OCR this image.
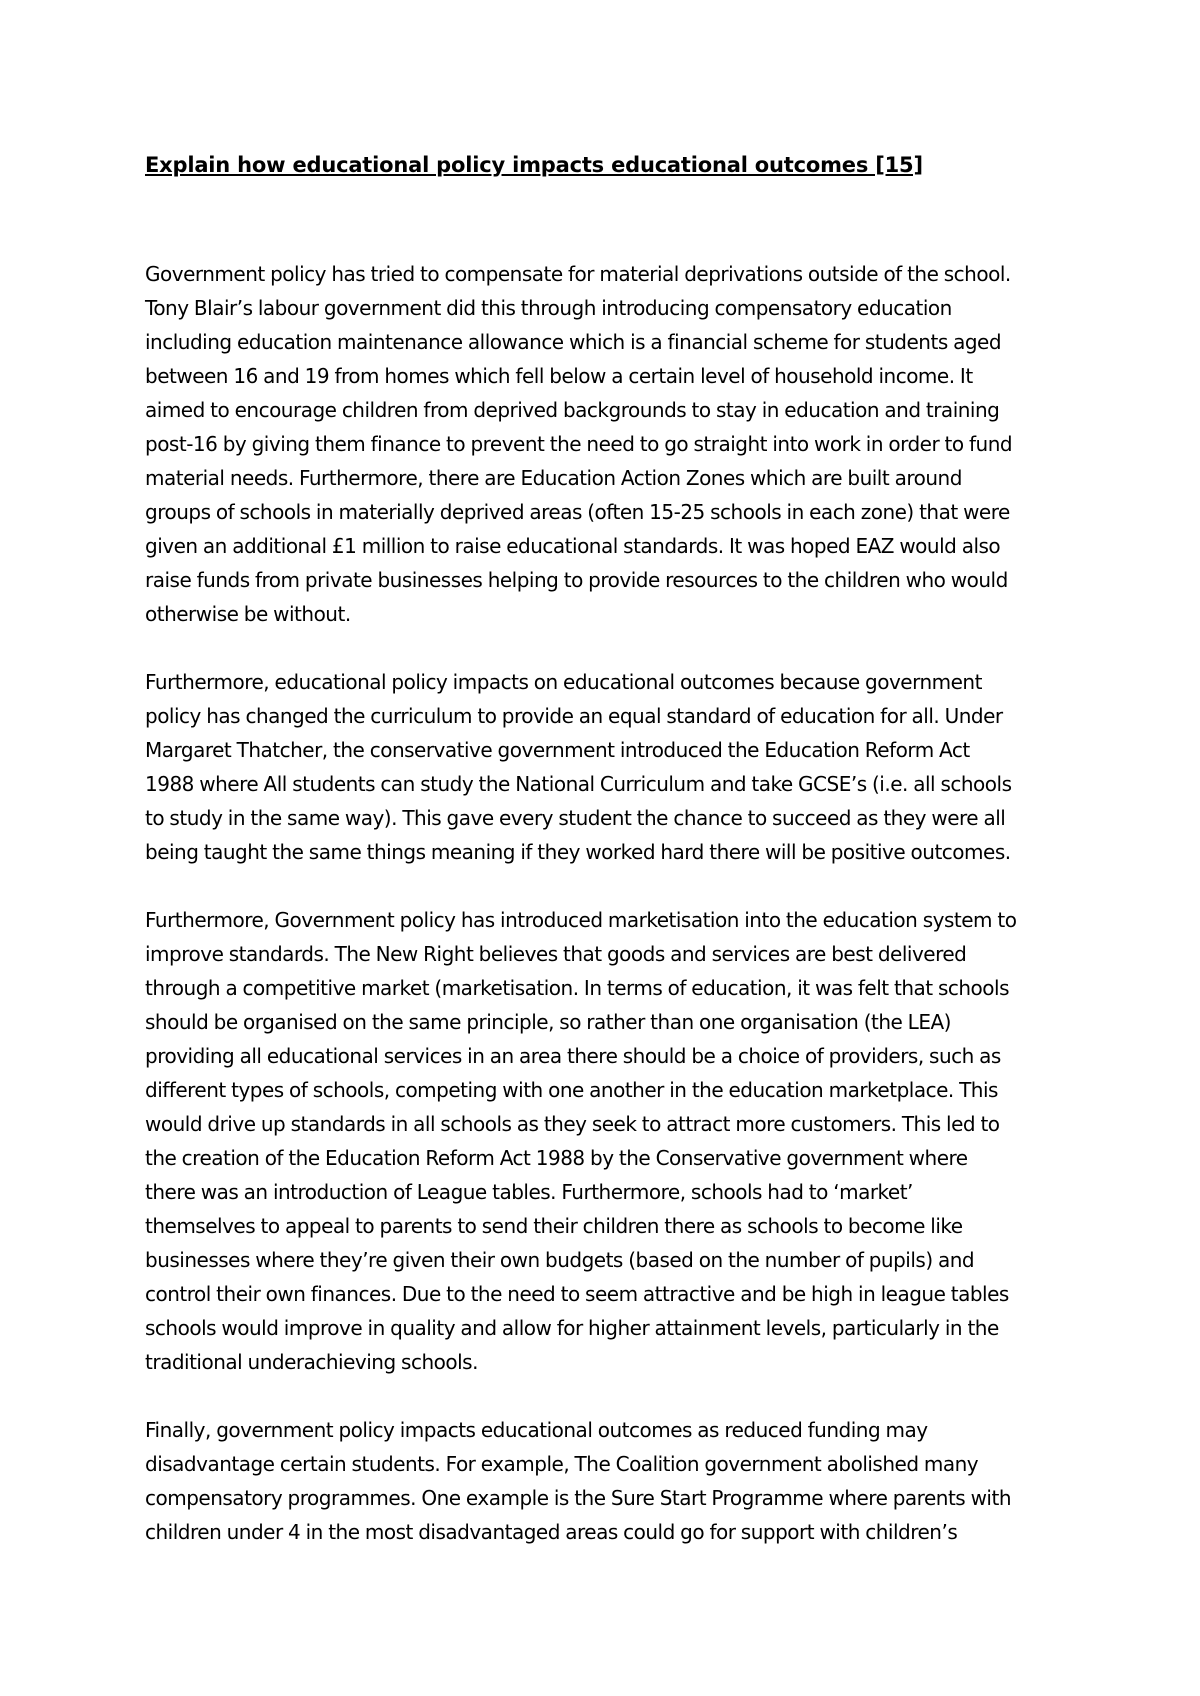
Explain how educational policy impacts educational outcomes [15]

Government policy has tried to compensate for material deprivations outside of the school.
Tony Blair’s labour government did this through introducing compensatory education
including education maintenance allowance which is a financial scheme for students aged
between 16 and 19 from homes which fell below a certain level of household income. It
aimed to encourage children from deprived backgrounds to stay in education and training
post-16 by giving them finance to prevent the need to go straight into work in order to fund
material needs. Furthermore, there are Education Action Zones which are built around
groups of schools in materially deprived areas (often 15-25 schools in each zone) that were
given an additional £1 million to raise educational standards. It was hoped EAZ would also
raise funds from private businesses helping to provide resources to the children who would
otherwise be without.

Furthermore, educational policy impacts on educational outcomes because government
policy has changed the curriculum to provide an equal standard of education for all. Under
Margaret Thatcher, the conservative government introduced the Education Reform Act
1988 where All students can study the National Curriculum and take GCSE’s (i.e. all schools
to study in the same way). This gave every student the chance to succeed as they were all
being taught the same things meaning if they worked hard there will be positive outcomes.

Furthermore, Government policy has introduced marketisation into the education system to
improve standards. The New Right believes that goods and services are best delivered
through a competitive market (marketisation. In terms of education, it was felt that schools
should be organised on the same principle, so rather than one organisation (the LEA)
providing all educational services in an area there should be a choice of providers, such as
different types of schools, competing with one another in the education marketplace. This
would drive up standards in all schools as they seek to attract more customers. This led to
the creation of the Education Reform Act 1988 by the Conservative government where
there was an introduction of League tables. Furthermore, schools had to ‘market’
themselves to appeal to parents to send their children there as schools to become like
businesses where they’re given their own budgets (based on the number of pupils) and
control their own finances. Due to the need to seem attractive and be high in league tables
schools would improve in quality and allow for higher attainment levels, particularly in the
traditional underachieving schools.

Finally, government policy impacts educational outcomes as reduced funding may
disadvantage certain students. For example, The Coalition government abolished many
compensatory programmes. One example is the Sure Start Programme where parents with
children under 4 in the most disadvantaged areas could go for support with children’s
